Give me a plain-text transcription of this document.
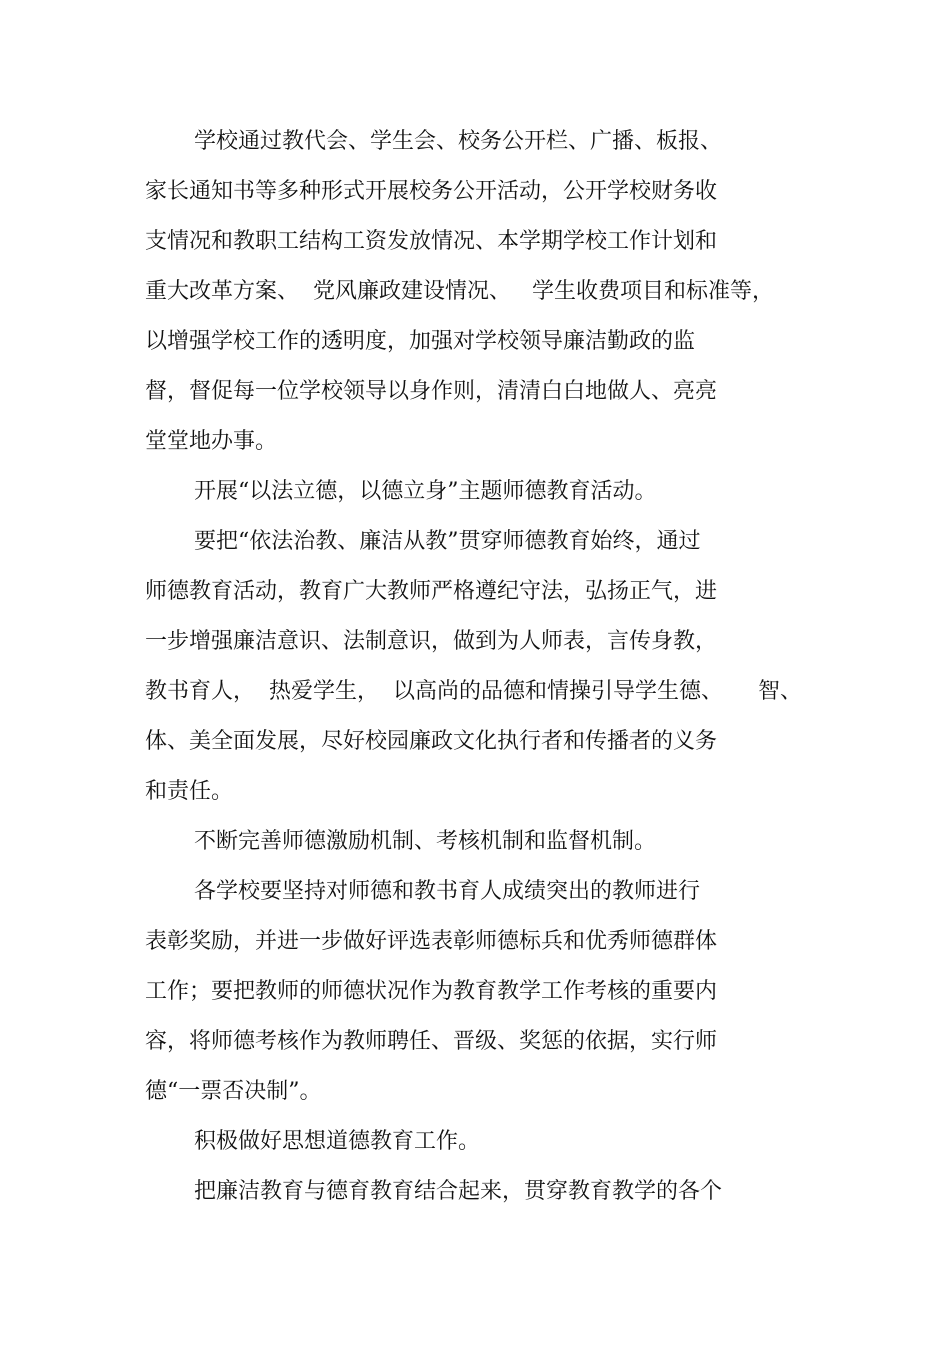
学校通过教代会、学生会、校务公开栏、广播、板报、

家长通知书等多种形式开展校务公开活动，公开学校财务收

支情况和教职工结构工资发放情况、本学期学校工作计划和

重大改革方案、  党风廉政建设情况、   学生收费项目和标准等，

以增强学校工作的透明度，加强对学校领导廉洁勤政的监

督，督促每一位学校领导以身作则，清清白白地做人、亮亮

堂堂地办事。

开展“以法立德，以德立身”主题师德教育活动。

要把“依法治教、廉洁从教”贯穿师德教育始终，通过

师德教育活动，教育广大教师严格遵纪守法，弘扬正气，进

一步增强廉洁意识、法制意识，做到为人师表，言传身教，

教书育人，  热爱学生，  以高尚的品德和情操引导学生德、     智、

体、美全面发展，尽好校园廉政文化执行者和传播者的义务

和责任。

不断完善师德激励机制、考核机制和监督机制。

各学校要坚持对师德和教书育人成绩突出的教师进行

表彰奖励，并进一步做好评选表彰师德标兵和优秀师德群体

工作；要把教师的师德状况作为教育教学工作考核的重要内

容，将师德考核作为教师聘任、晋级、奖惩的依据，实行师

德“一票否决制”。

积极做好思想道德教育工作。

把廉洁教育与德育教育结合起来，贯穿教育教学的各个
